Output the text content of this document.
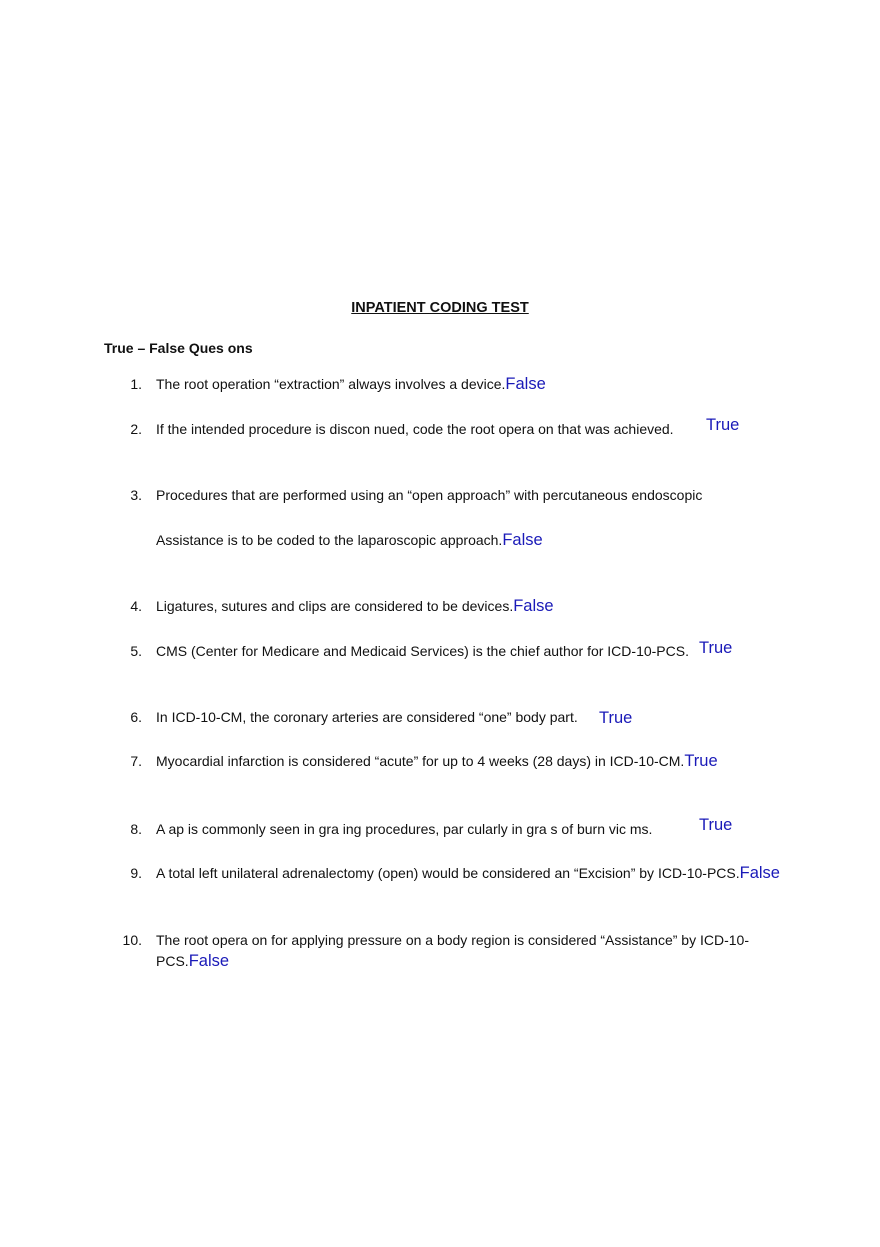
INPATIENT CODING TEST
True – False Ques ons
1. The root operation “extraction” always involves a device.False
2. If the intended procedure is discon nued, code the root opera on that was achieved. True
3. Procedures that are performed using an “open approach” with percutaneous endoscopic
Assistance is to be coded to the laparoscopic approach.False
4. Ligatures, sutures and clips are considered to be devices.False
5. CMS (Center for Medicare and Medicaid Services) is the chief author for ICD-10-PCS. True
6. In ICD-10-CM, the coronary arteries are considered “one” body part. True
7. Myocardial infarction is considered “acute” for up to 4 weeks (28 days) in ICD-10-CM.True
8. A ap is commonly seen in gra ing procedures, par cularly in gra s of burn vic ms.	True
9. A total left unilateral adrenalectomy (open) would be considered an “Excision” by ICD-10-PCS.False
10. The root opera on for applying pressure on a body region is considered “Assistance” by ICD-10-
PCS.False
